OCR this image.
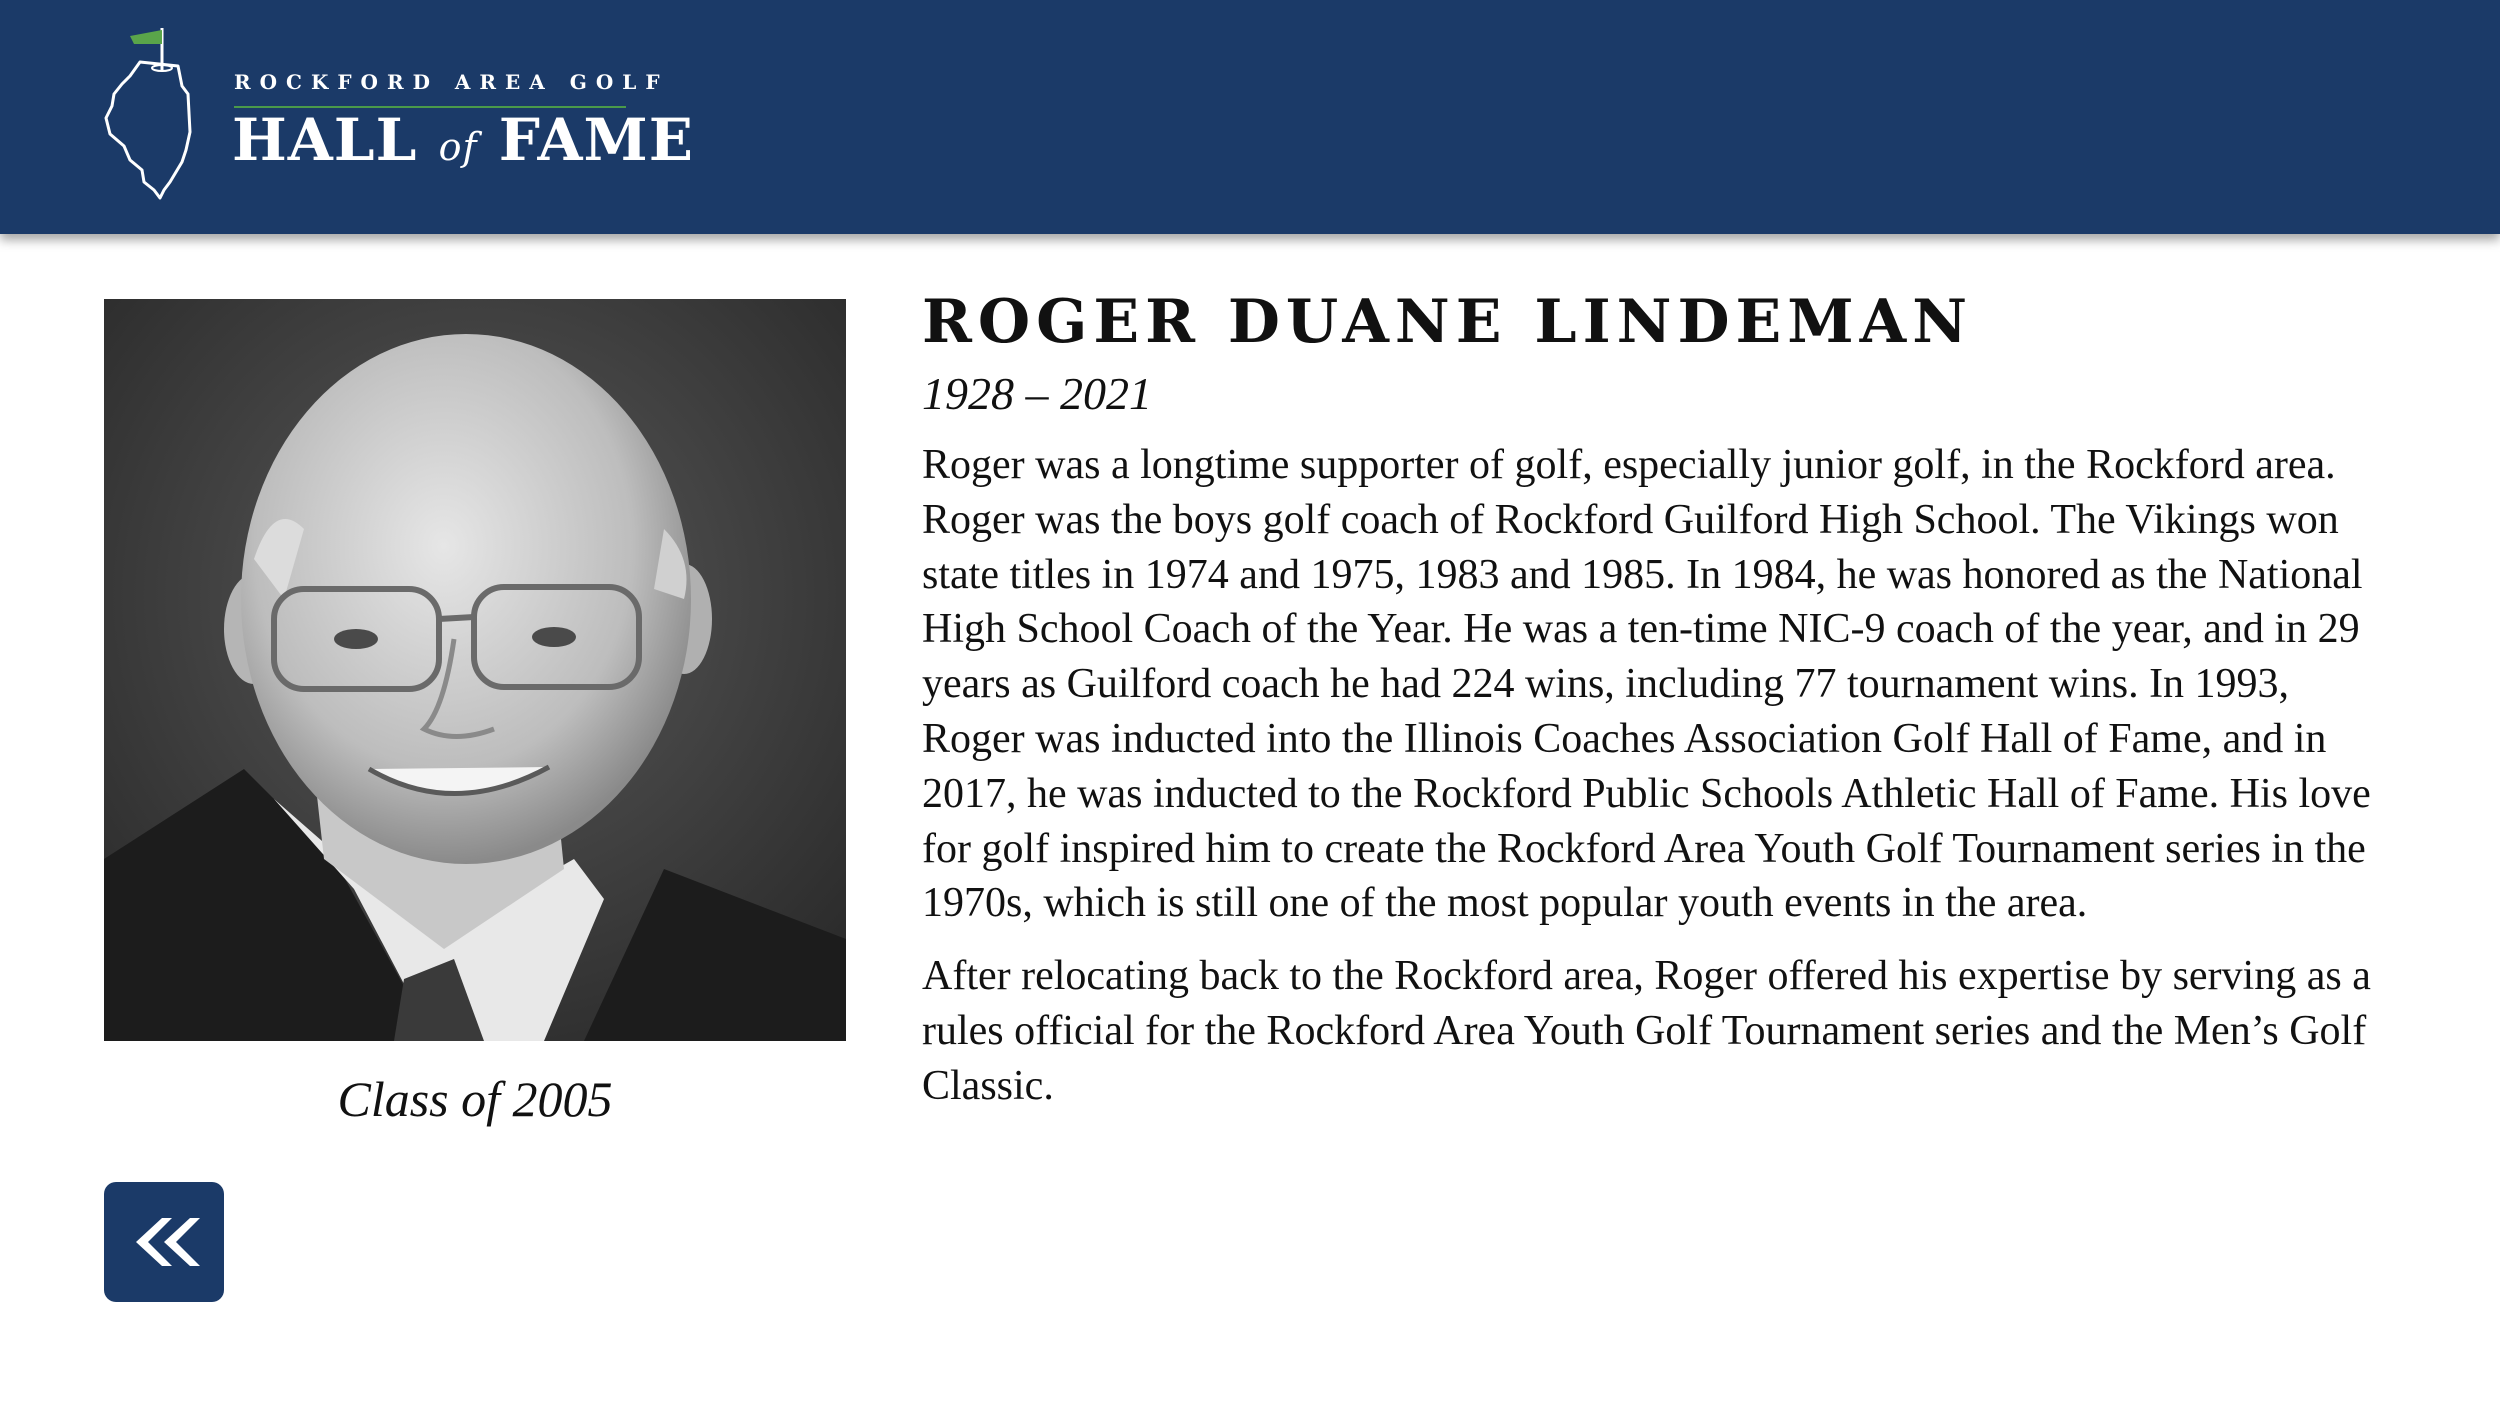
ROCKFORD AREA GOLF
HALL of FAME
Class of 2005
ROGER DUANE LINDEMAN
1928 – 2021

Roger was a longtime supporter of golf, especially junior golf, in the Rockford area. Roger was the boys golf coach of Rockford Guilford High School. The Vikings won state titles in 1974 and 1975, 1983 and 1985. In 1984, he was honored as the National High School Coach of the Year. He was a ten-time NIC-9 coach of the year, and in 29 years as Guilford coach he had 224 wins, including 77 tournament wins. In 1993, Roger was inducted into the Illinois Coaches Association Golf Hall of Fame, and in 2017, he was inducted to the Rockford Public Schools Athletic Hall of Fame. His love for golf inspired him to create the Rockford Area Youth Golf Tournament series in the 1970s, which is still one of the most popular youth events in the area.

After relocating back to the Rockford area, Roger offered his expertise by serving as a rules official for the Rockford Area Youth Golf Tournament series and the Men’s Golf Classic.
